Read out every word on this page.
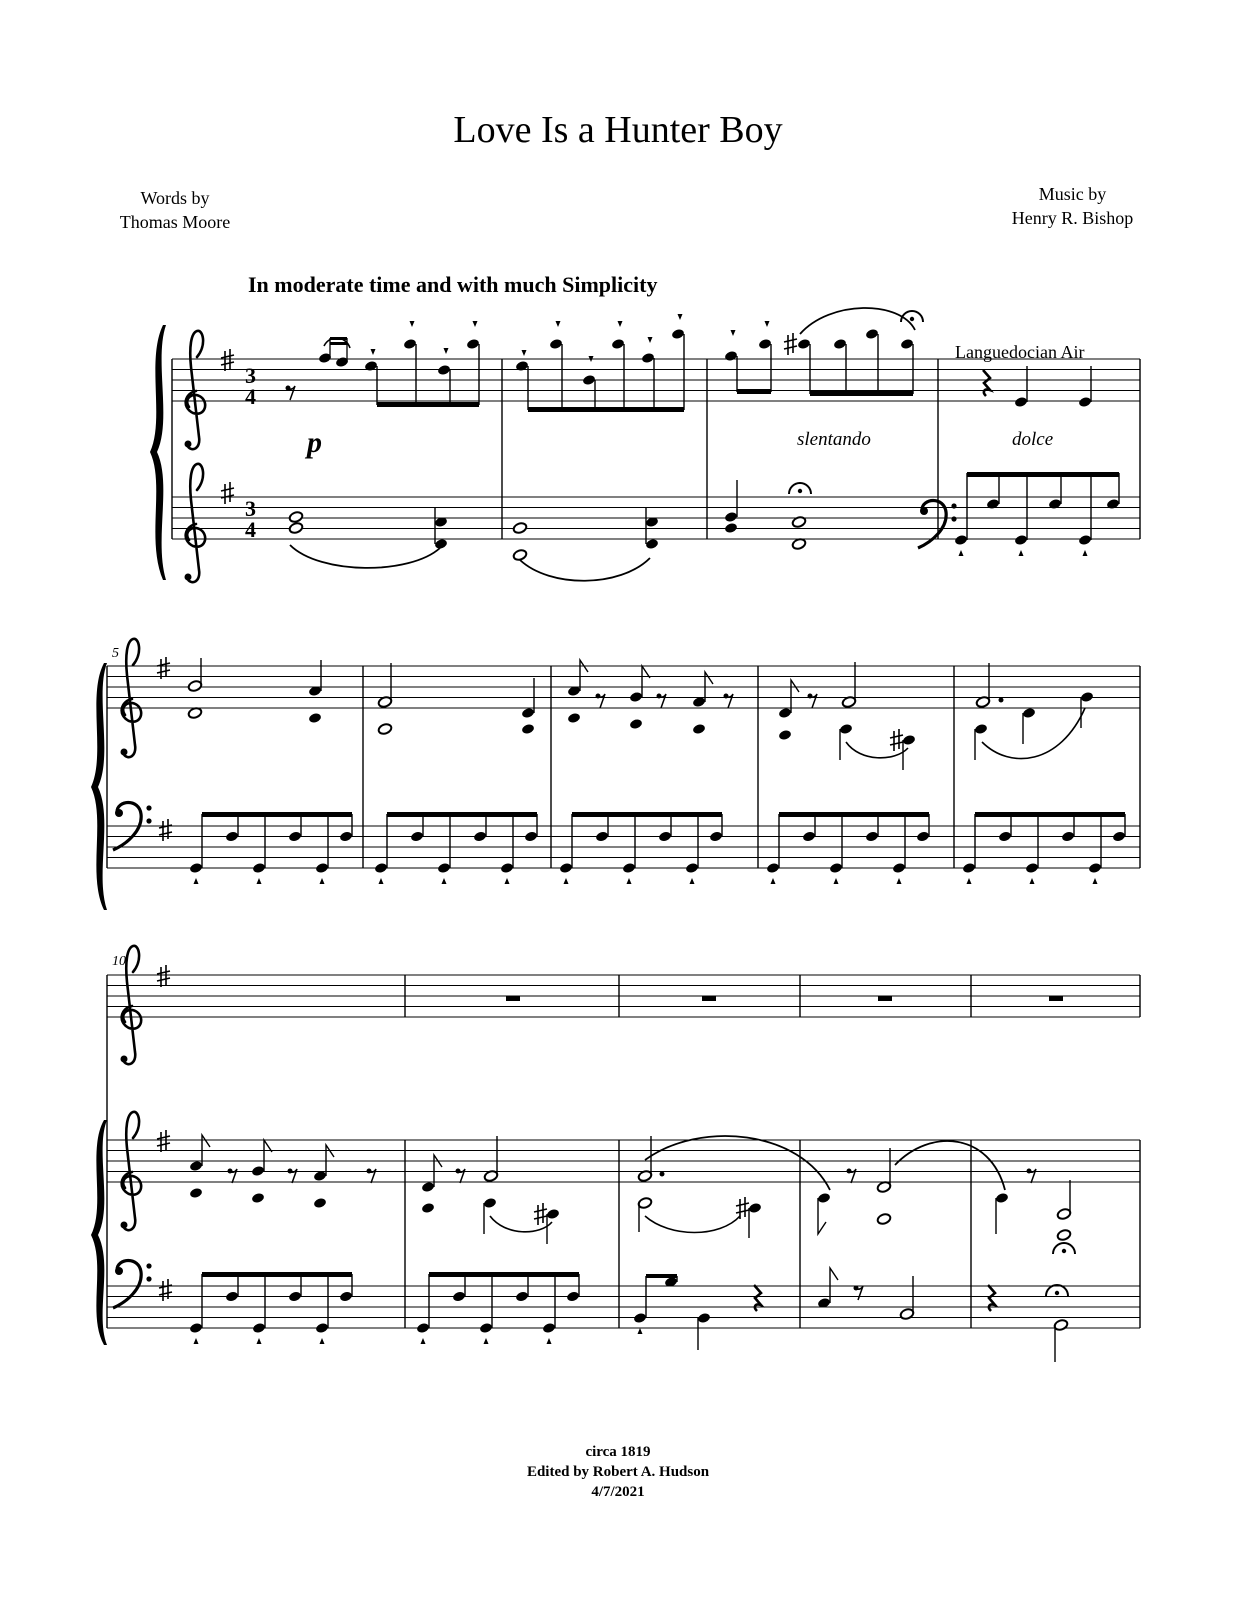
Love Is a Hunter Boy
Words by
Thomas Moore
Music by
Henry R. Bishop
In moderate time and with much Simplicity
Languedocian Air
p	slentando	dolce
5
10
3
4
3
4
circa 1819
Edited by Robert A. Hudson
4/7/2021
